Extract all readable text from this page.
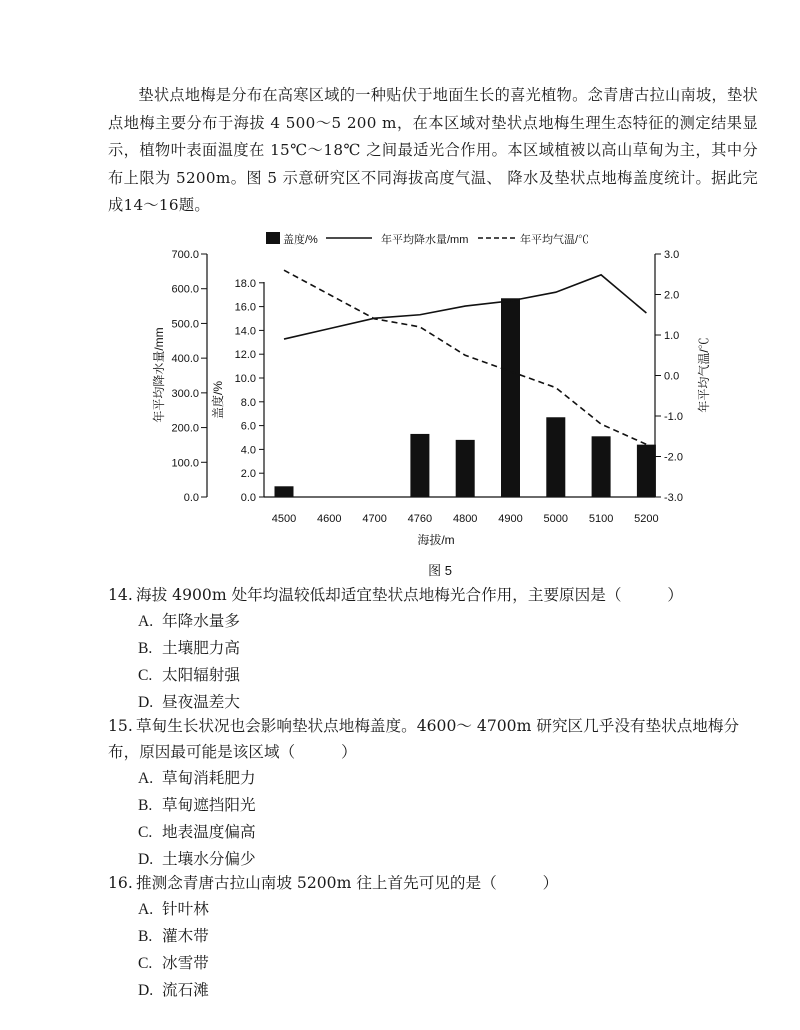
垫状点地梅是分布在高寒区域的一种贴伏于地面生长的喜光植物。念青唐古拉山南坡，垫状点地梅主要分布于海拔 4 500～5 200 m，在本区域对垫状点地梅生理生态特征的测定结果显示，植物叶表面温度在 15℃～18℃ 之间最适光合作用。本区域植被以高山草甸为主，其中分布上限为 5200m。图 5 示意研究区不同海拔高度气温、 降水及垫状点地梅盖度统计。据此完成14～16题。

盖度/%	年平均降水量/mm	年平均气温/℃
0.0
100.0
200.0
300.0
400.0
500.0
600.0
700.0
年平均降水量/mm
0.0
2.0
4.0
6.0
8.0
10.0
12.0
14.0
16.0
18.0
盖度/%
-3.0
-2.0
-1.0
0.0
1.0
2.0
3.0
年平均气温/℃
4500 4600 4700 4760 4800 4900 5000 5100 5200
海拔/m
图 5

14. 海拔 4900m 处年均温较低却适宜垫状点地梅光合作用，主要原因是（	）

A. 年降水量多

B. 土壤肥力高

C. 太阳辐射强

D. 昼夜温差大

15. 草甸生长状况也会影响垫状点地梅盖度。4600～ 4700m 研究区几乎没有垫状点地梅分布，原因最可能是该区域（	）

A. 草甸消耗肥力

B. 草甸遮挡阳光

C. 地表温度偏高

D. 土壤水分偏少

16. 推测念青唐古拉山南坡 5200m 往上首先可见的是（	）

A. 针叶林

B. 灌木带

C. 冰雪带

D. 流石滩
